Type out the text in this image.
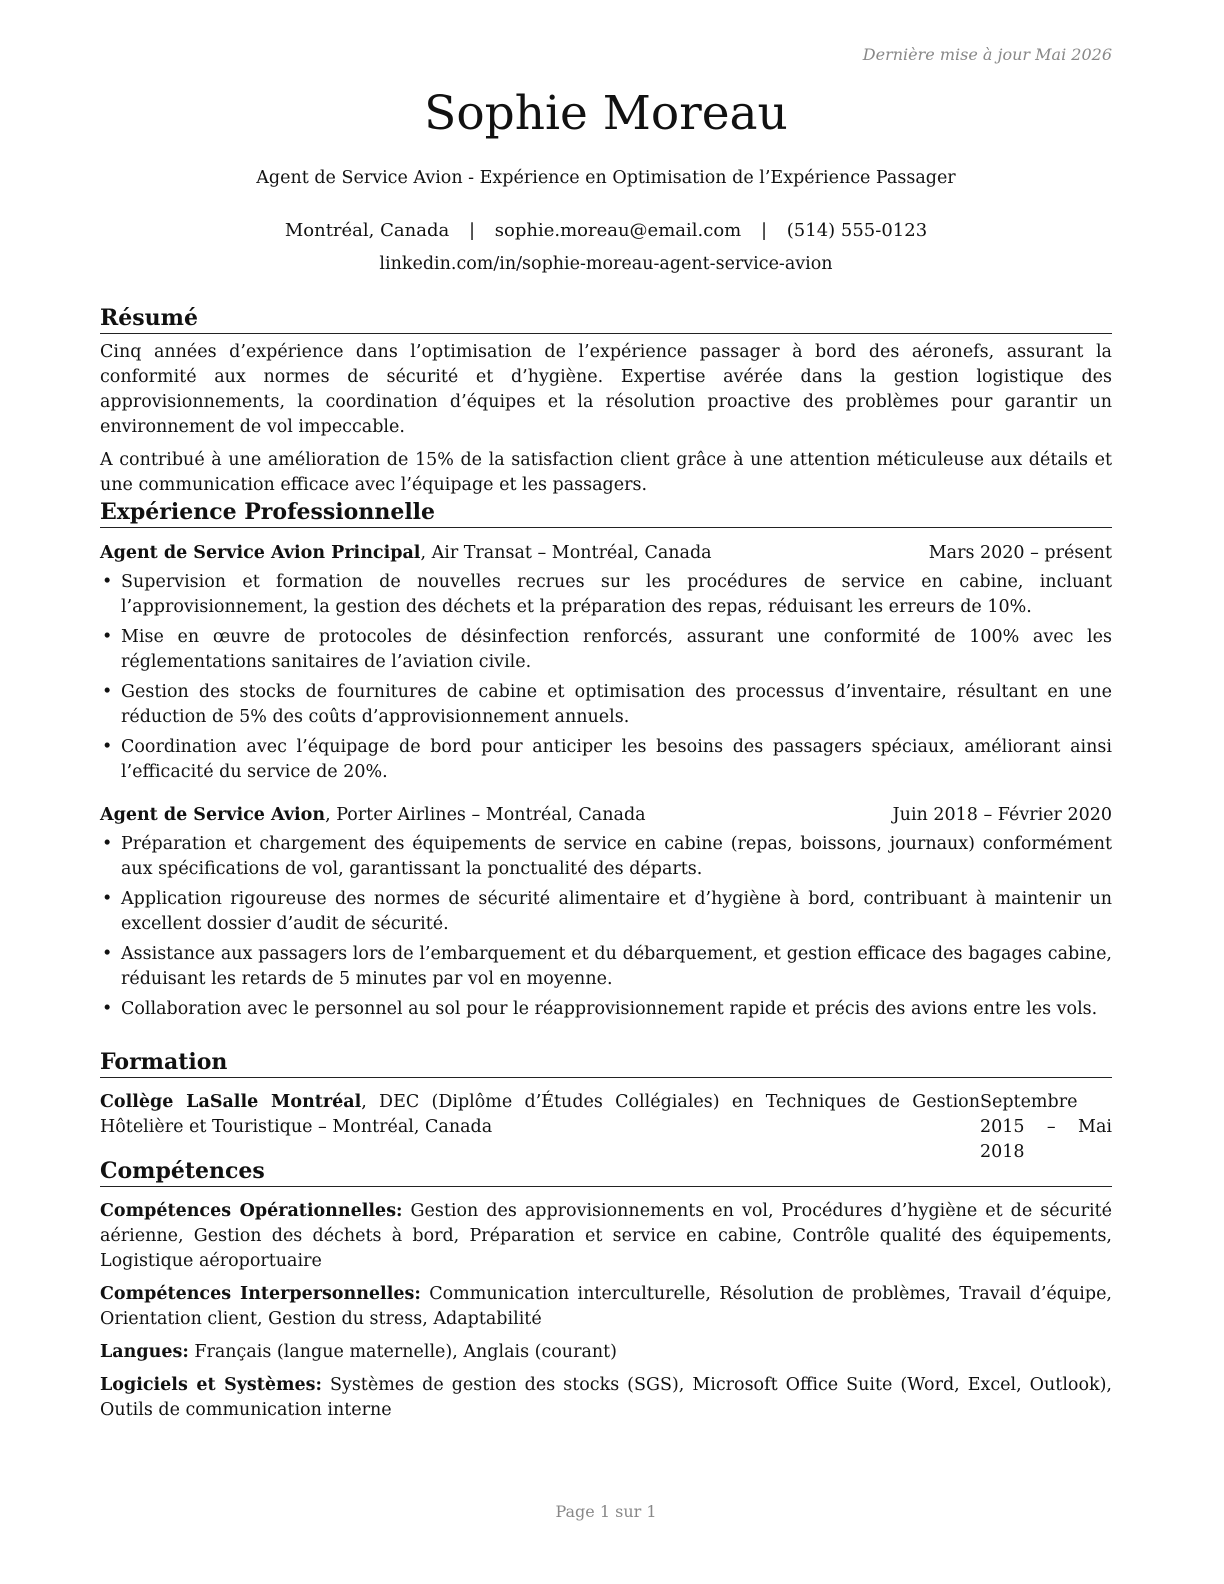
Dernière mise à jour Mai 2026
Sophie Moreau
Agent de Service Avion - Expérience en Optimisation de l’Expérience Passager
Montréal, Canada | sophie.moreau@email.com | (514) 555-0123
linkedin.com/in/sophie-moreau-agent-service-avion
Résumé

Cinq années d’expérience dans l’optimisation de l’expérience passager à bord des aéronefs, assurant la conformité aux normes de sécurité et d’hygiène. Expertise avérée dans la gestion logistique des approvisionnements, la coordination d’équipes et la résolution proactive des problèmes pour garantir un environnement de vol impeccable.

A contribué à une amélioration de 15% de la satisfaction client grâce à une attention méticuleuse aux détails et une communication efficace avec l’équipage et les passagers.

Expérience Professionnelle
Agent de Service Avion Principal, Air Transat – Montréal, Canada	Mars 2020 – présent
• Supervision et formation de nouvelles recrues sur les procédures de service en cabine, incluant l’approvisionnement, la gestion des déchets et la préparation des repas, réduisant les erreurs de 10%.
• Mise en œuvre de protocoles de désinfection renforcés, assurant une conformité de 100% avec les réglementations sanitaires de l’aviation civile.
• Gestion des stocks de fournitures de cabine et optimisation des processus d’inventaire, résultant en une réduction de 5% des coûts d’approvisionnement annuels.
• Coordination avec l’équipage de bord pour anticiper les besoins des passagers spéciaux, améliorant ainsi l’efficacité du service de 20%.
Agent de Service Avion, Porter Airlines – Montréal, Canada	Juin 2018 – Février 2020
• Préparation et chargement des équipements de service en cabine (repas, boissons, journaux) conformément aux spécifications de vol, garantissant la ponctualité des départs.
• Application rigoureuse des normes de sécurité alimentaire et d’hygiène à bord, contribuant à maintenir un excellent dossier d’audit de sécurité.
• Assistance aux passagers lors de l’embarquement et du débarquement, et gestion efficace des bagages cabine, réduisant les retards de 5 minutes par vol en moyenne.
• Collaboration avec le personnel au sol pour le réapprovisionnement rapide et précis des avions entre les vols.
Formation
Collège LaSalle Montréal, DEC (Diplôme d’Études Collégiales) en Techniques de Gestion Hôtelière et Touristique – Montréal, Canada
Septembre 2015 – Mai 2018
Compétences

Compétences Opérationnelles: Gestion des approvisionnements en vol, Procédures d’hygiène et de sécurité aérienne, Gestion des déchets à bord, Préparation et service en cabine, Contrôle qualité des équipements, Logistique aéroportuaire

Compétences Interpersonnelles: Communication interculturelle, Résolution de problèmes, Travail d’équipe, Orientation client, Gestion du stress, Adaptabilité

Langues: Français (langue maternelle), Anglais (courant)

Logiciels et Systèmes: Systèmes de gestion des stocks (SGS), Microsoft Office Suite (Word, Excel, Outlook), Outils de communication interne

Page 1 sur 1
